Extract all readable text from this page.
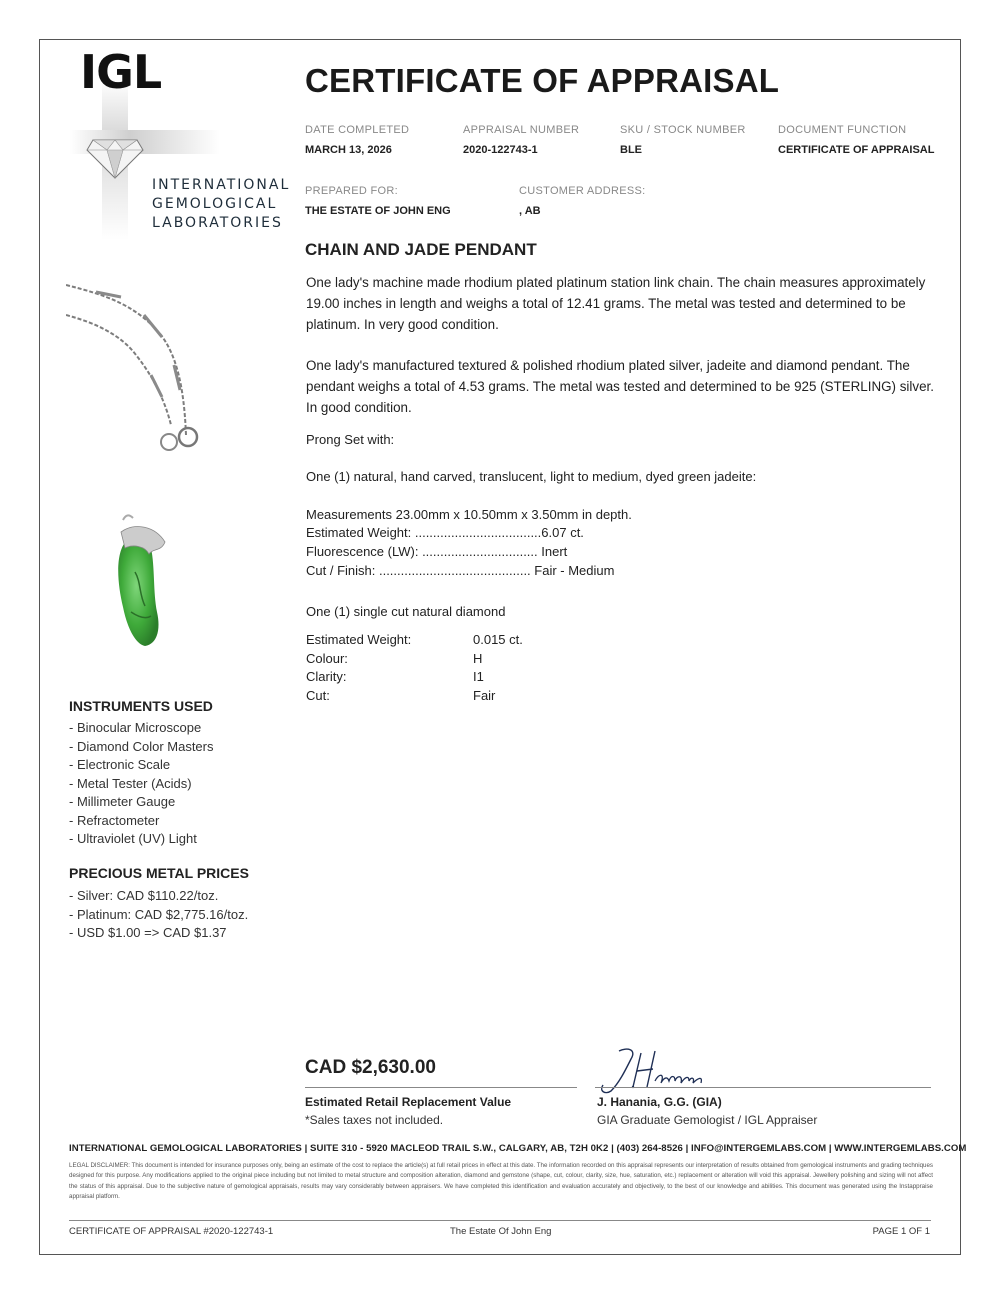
IGL
INTERNATIONAL
GEMOLOGICAL
LABORATORIES
CERTIFICATE OF APPRAISAL
DATE COMPLETED
MARCH 13, 2026
APPRAISAL NUMBER
2020-122743-1
SKU / STOCK NUMBER
BLE
DOCUMENT FUNCTION
CERTIFICATE OF APPRAISAL
PREPARED FOR:
THE ESTATE OF JOHN ENG
CUSTOMER ADDRESS:
, AB
CHAIN AND JADE PENDANT
One lady's machine made rhodium plated platinum station link chain. The chain measures approximately 19.00 inches in length and weighs a total of 12.41 grams. The metal was tested and determined to be platinum. In very good condition.
One lady's manufactured textured & polished rhodium plated silver, jadeite and diamond pendant. The pendant weighs a total of 4.53 grams. The metal was tested and determined to be 925 (STERLING) silver. In good condition.
Prong Set with:
One (1) natural, hand carved, translucent, light to medium, dyed green jadeite:
Measurements 23.00mm x 10.50mm x 3.50mm in depth.
Estimated Weight: ...................................6.07 ct.
Fluorescence (LW): ................................ Inert
Cut / Finish: .......................................... Fair - Medium
One (1) single cut natural diamond
Estimated Weight:	0.015 ct.
Colour:	H
Clarity:	I1
Cut:	Fair
INSTRUMENTS USED
- Binocular Microscope
- Diamond Color Masters
- Electronic Scale
- Metal Tester (Acids)
- Millimeter Gauge
- Refractometer
- Ultraviolet (UV) Light
PRECIOUS METAL PRICES
- Silver: CAD $110.22/toz.
- Platinum: CAD $2,775.16/toz.
- USD $1.00 => CAD $1.37
CAD $2,630.00
Estimated Retail Replacement Value
*Sales taxes not included.
J. Hanania, G.G. (GIA)
GIA Graduate Gemologist / IGL Appraiser
INTERNATIONAL GEMOLOGICAL LABORATORIES | SUITE 310 - 5920 MACLEOD TRAIL S.W., CALGARY, AB, T2H 0K2 | (403) 264-8526 | INFO@INTERGEMLABS.COM | WWW.INTERGEMLABS.COM
LEGAL DISCLAIMER: This document is intended for insurance purposes only, being an estimate of the cost to replace the article(s) at full retail prices in effect at this date. The information recorded on this appraisal represents our interpretation of results obtained from gemological instruments and grading techniques designed for this purpose. Any modifications applied to the original piece including but not limited to metal structure and composition alteration, diamond and gemstone (shape, cut, colour, clarity, size, hue, saturation, etc.) replacement or alteration will void this appraisal. Jewellery polishing and sizing will not affect the status of this appraisal. Due to the subjective nature of gemological appraisals, results may vary considerably between appraisers. We have completed this identification and evaluation accurately and objectively, to the best of our knowledge and abilities. This document was generated using the Instappraise appraisal platform.
CERTIFICATE OF APPRAISAL #2020-122743-1	The Estate Of John Eng	PAGE 1 OF 1
